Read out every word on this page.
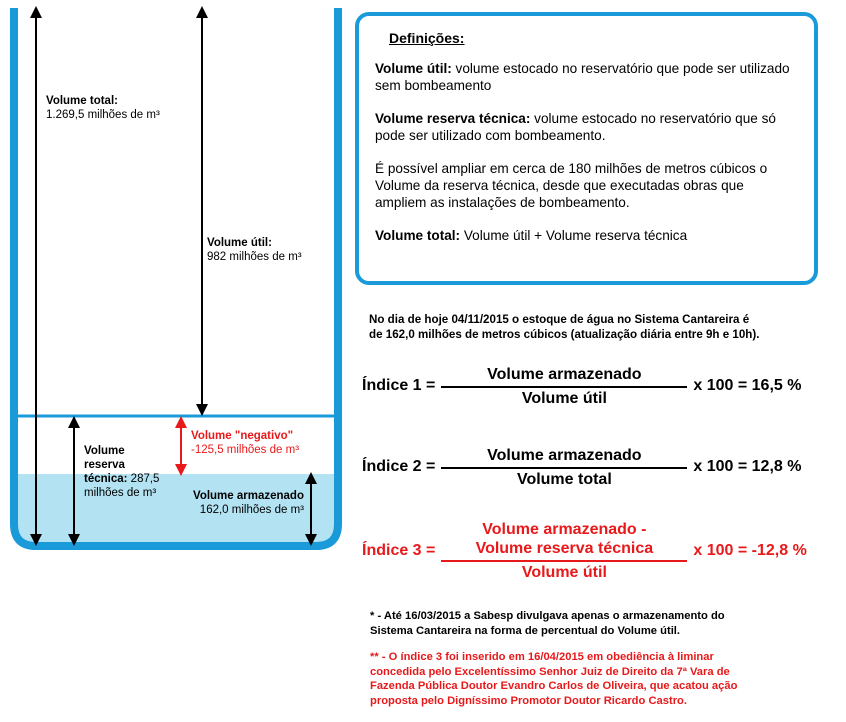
Volume total:
1.269,5 milhões de m³
Volume útil:
982 milhões de m³
Volume
reserva
técnica: 287,5
milhões de m³
Volume "negativo"
-125,5 milhões de m³
Volume armazenado
162,0 milhões de m³
Definições:

Volume útil: volume estocado no reservatório que pode ser utilizado sem bombeamento

Volume reserva técnica: volume estocado no reservatório que só pode ser utilizado com bombeamento.

É possível ampliar em cerca de 180 milhões de metros cúbicos o Volume da reserva técnica, desde que executadas obras que ampliem as instalações de bombeamento.

Volume total: Volume útil + Volume reserva técnica

No dia de hoje 04/11/2015 o estoque de água no Sistema Cantareira é
de 162,0 milhões de metros cúbicos (atualização diária entre 9h e 10h).
Índice $1 = \frac{\text{Volume armazenado}}{\text{Volume útil}}$ x 100 = 16,5 %
Índice $2 = \frac{\text{Volume armazenado}}{\text{Volume total}}$ x 100 = 12,8 %
Índice 3 =
Volume armazenado -
Volume reserva técnica
Volume útil
x 100 = -12,8 %
* - Até 16/03/2015 a Sabesp divulgava apenas o armazenamento do
Sistema Cantareira na forma de percentual do Volume útil.
** - O índice 3 foi inserido em 16/04/2015 em obediência à liminar
concedida pelo Excelentíssimo Senhor Juiz de Direito da 7ª Vara de
Fazenda Pública Doutor Evandro Carlos de Oliveira, que acatou ação
proposta pelo Digníssimo Promotor Doutor Ricardo Castro.
